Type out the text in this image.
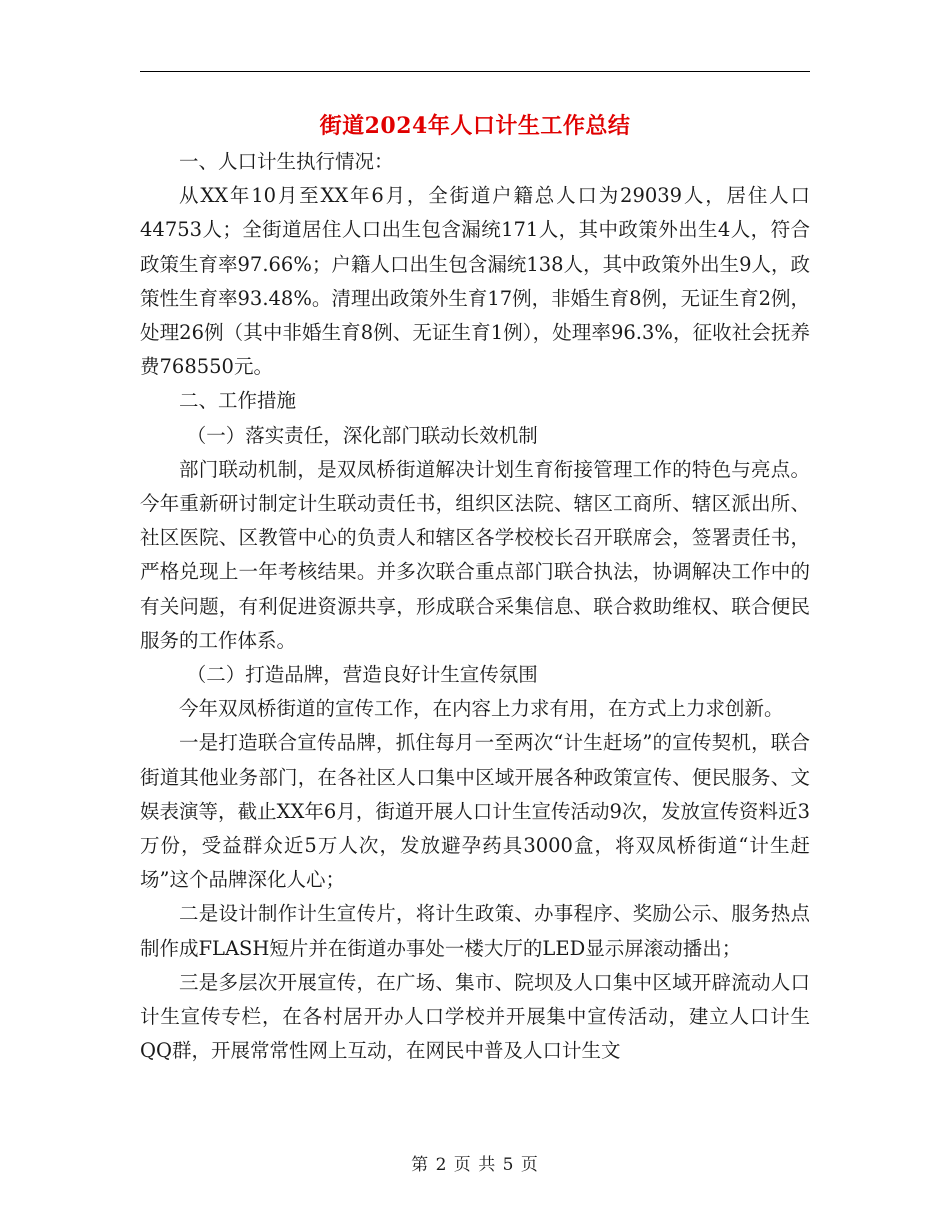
街道2024年人口计生工作总结

一、人口计生执行情况：

从XX年10月至XX年6月，全街道户籍总人口为29039人，居住人口44753人；全街道居住人口出生包含漏统171人，其中政策外出生4人，符合政策生育率97.66%；户籍人口出生包含漏统138人，其中政策外出生9人，政策性生育率93.48%。清理出政策外生育17例，非婚生育8例，无证生育2例，处理26例（其中非婚生育8例、无证生育1例），处理率96.3%，征收社会抚养费768550元。

二、工作措施

（一）落实责任，深化部门联动长效机制

部门联动机制，是双凤桥街道解决计划生育衔接管理工作的特色与亮点。今年重新研讨制定计生联动责任书，组织区法院、辖区工商所、辖区派出所、社区医院、区教管中心的负责人和辖区各学校校长召开联席会，签署责任书，严格兑现上一年考核结果。并多次联合重点部门联合执法，协调解决工作中的有关问题，有利促进资源共享，形成联合采集信息、联合救助维权、联合便民服务的工作体系。

（二）打造品牌，营造良好计生宣传氛围

今年双凤桥街道的宣传工作，在内容上力求有用，在方式上力求创新。

一是打造联合宣传品牌，抓住每月一至两次“计生赶场”的宣传契机，联合街道其他业务部门，在各社区人口集中区域开展各种政策宣传、便民服务、文娱表演等，截止XX年6月，街道开展人口计生宣传活动9次，发放宣传资料近3万份，受益群众近5万人次，发放避孕药具3000盒，将双凤桥街道“计生赶场”这个品牌深化人心；

二是设计制作计生宣传片，将计生政策、办事程序、奖励公示、服务热点制作成FLASH短片并在街道办事处一楼大厅的LED显示屏滚动播出；

三是多层次开展宣传，在广场、集市、院坝及人口集中区域开辟流动人口计生宣传专栏，在各村居开办人口学校并开展集中宣传活动，建立人口计生QQ群，开展常常性网上互动，在网民中普及人口计生文

第 2 页 共 5 页
